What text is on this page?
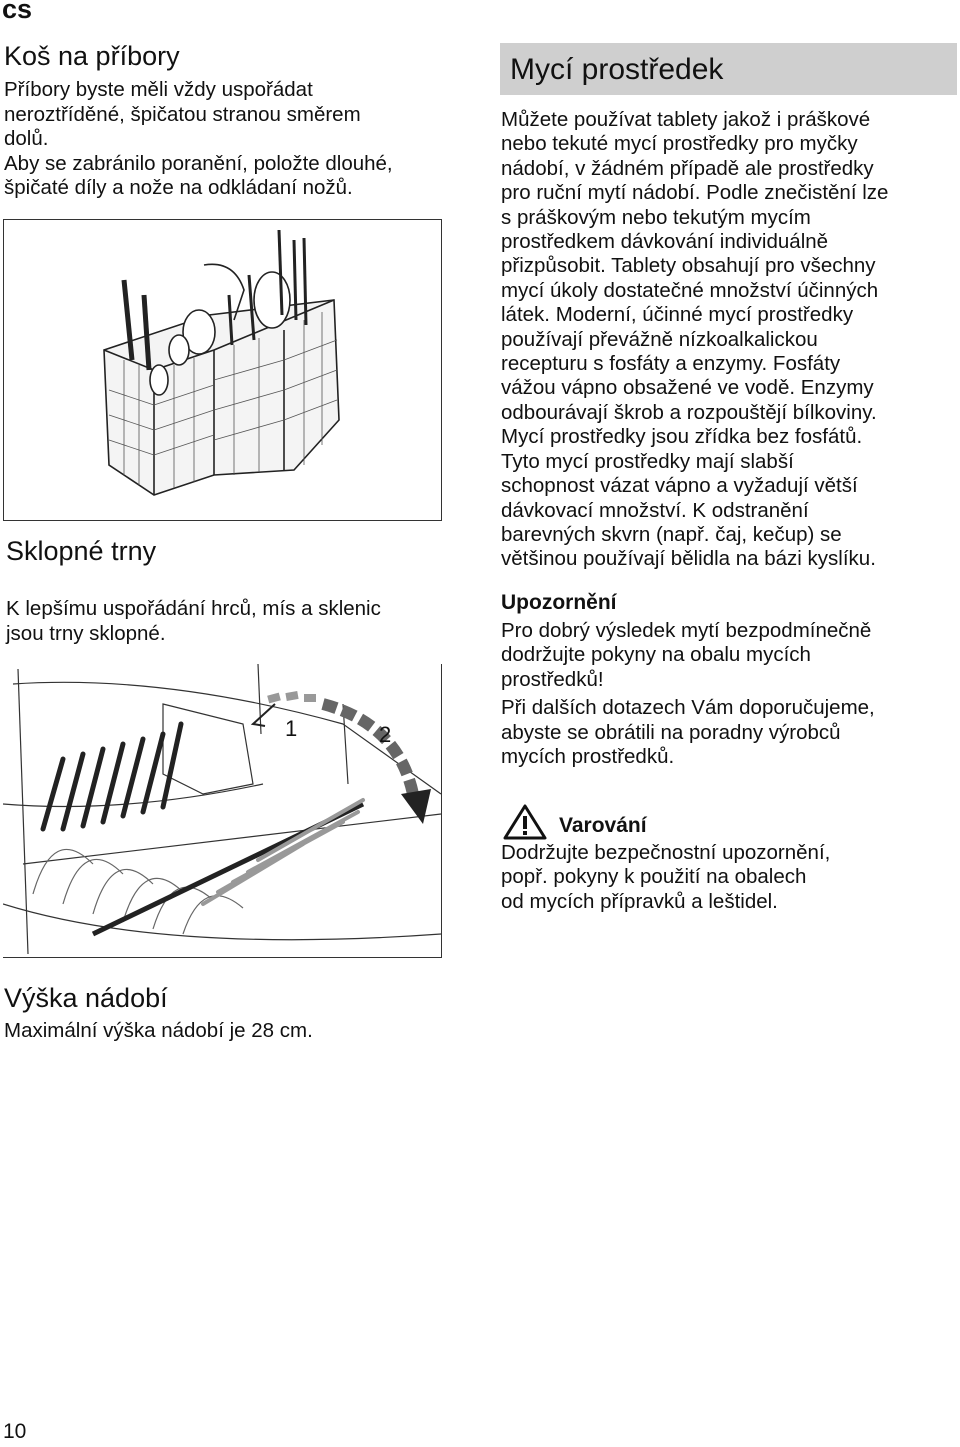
cs
Koš na příbory

Příbory byste měli vždy uspořádat

neroztříděné, špičatou stranou směrem

dolů.

Aby se zabránilo poranění, položte dlouhé,

špičaté díly a nože na odkládaní nožů.

Sklopné trny

K lepšímu uspořádání hrců, mís a sklenic

jsou trny sklopné.

1	2
Výška nádobí

Maximální výška nádobí je 28 cm.

Mycí prostředek

Můžete používat tablety jakož i práškové

nebo tekuté mycí prostředky pro myčky

nádobí, v žádném případě ale prostředky

pro ruční mytí nádobí. Podle znečistění lze

s práškovým nebo tekutým mycím

prostředkem dávkování individuálně

přizpůsobit. Tablety obsahují pro všechny

mycí úkoly dostatečné množství účinných

látek. Moderní, účinné mycí prostředky

používají převážně nízkoalkalickou

recepturu s fosfáty a enzymy. Fosfáty

vážou vápno obsažené ve vodě. Enzymy

odbourávají škrob a rozpouštějí bílkoviny.

Mycí prostředky jsou zřídka bez fosfátů.

Tyto mycí prostředky mají slabší

schopnost vázat vápno a vyžadují větší

dávkovací množství. K odstranění

barevných skvrn (např. čaj, kečup) se

většinou používají bělidla na bázi kyslíku.

Upozornění

Pro dobrý výsledek mytí bezpodmínečně

dodržujte pokyny na obalu mycích

prostředků!

Při dalších dotazech Vám doporučujeme,

abyste se obrátili na poradny výrobců

mycích prostředků.

Varování

Dodržujte bezpečnostní upozornění,

popř. pokyny k použití na obalech

od mycích přípravků a leštidel.

10
